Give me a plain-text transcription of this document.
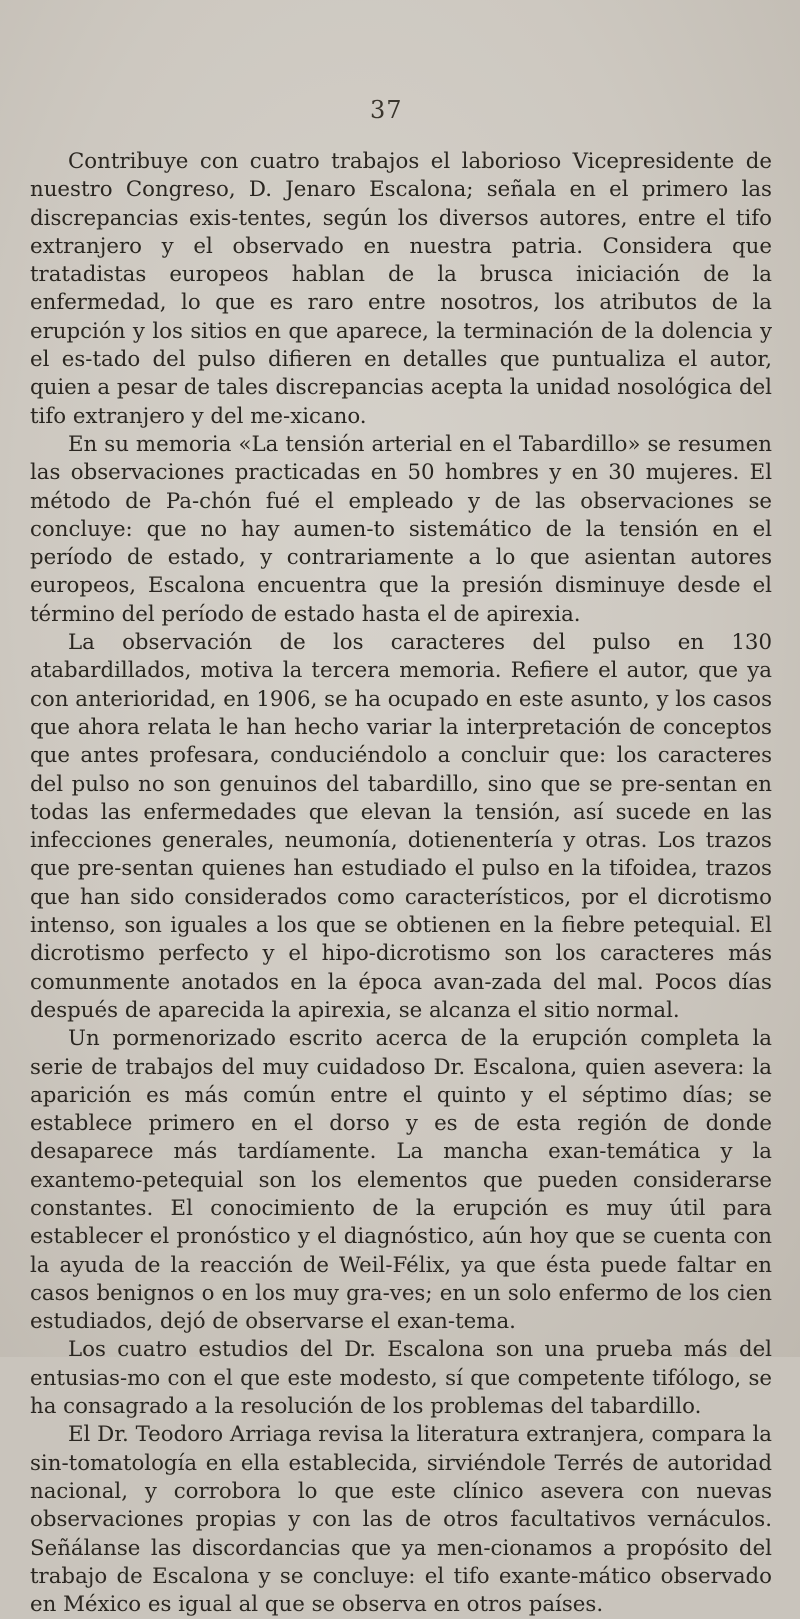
37

Contribuye con cuatro trabajos el laborioso Vicepresidente de nuestro Congreso, D. Jenaro Escalona; señala en el primero las discrepancias exis-tentes, según los diversos autores, entre el tifo extranjero y el observado en nuestra patria. Considera que tratadistas europeos hablan de la brusca iniciación de la enfermedad, lo que es raro entre nosotros, los atributos de la erupción y los sitios en que aparece, la terminación de la dolencia y el es-tado del pulso difieren en detalles que puntualiza el autor, quien a pesar de tales discrepancias acepta la unidad nosológica del tifo extranjero y del me-xicano.

En su memoria «La tensión arterial en el Tabardillo» se resumen las observaciones practicadas en 50 hombres y en 30 mujeres. El método de Pa-chón fué el empleado y de las observaciones se concluye: que no hay aumen-to sistemático de la tensión en el período de estado, y contrariamente a lo que asientan autores europeos, Escalona encuentra que la presión disminuye desde el término del período de estado hasta el de apirexia.

La observación de los caracteres del pulso en 130 atabardillados, motiva la tercera memoria. Refiere el autor, que ya con anterioridad, en 1906, se ha ocupado en este asunto, y los casos que ahora relata le han hecho variar la interpretación de conceptos que antes profesara, conduciéndolo a concluir que: los caracteres del pulso no son genuinos del tabardillo, sino que se pre-sentan en todas las enfermedades que elevan la tensión, así sucede en las infecciones generales, neumonía, dotienentería y otras. Los trazos que pre-sentan quienes han estudiado el pulso en la tifoidea, trazos que han sido considerados como característicos, por el dicrotismo intenso, son iguales a los que se obtienen en la fiebre petequial. El dicrotismo perfecto y el hipo-dicrotismo son los caracteres más comunmente anotados en la época avan-zada del mal. Pocos días después de aparecida la apirexia, se alcanza el sitio normal.

Un pormenorizado escrito acerca de la erupción completa la serie de trabajos del muy cuidadoso Dr. Escalona, quien asevera: la aparición es más común entre el quinto y el séptimo días; se establece primero en el dorso y es de esta región de donde desaparece más tardíamente. La mancha exan-temática y la exantemo-petequial son los elementos que pueden considerarse constantes. El conocimiento de la erupción es muy útil para establecer el pronóstico y el diagnóstico, aún hoy que se cuenta con la ayuda de la reacción de Weil-Félix, ya que ésta puede faltar en casos benignos o en los muy gra-ves; en un solo enfermo de los cien estudiados, dejó de observarse el exan-tema.

Los cuatro estudios del Dr. Escalona son una prueba más del entusias-mo con el que este modesto, sí que competente tifólogo, se ha consagrado a la resolución de los problemas del tabardillo.

El Dr. Teodoro Arriaga revisa la literatura extranjera, compara la sin-tomatología en ella establecida, sirviéndole Terrés de autoridad nacional, y corrobora lo que este clínico asevera con nuevas observaciones propias y con las de otros facultativos vernáculos. Señálanse las discordancias que ya men-cionamos a propósito del trabajo de Escalona y se concluye: el tifo exante-mático observado en México es igual al que se observa en otros países.
